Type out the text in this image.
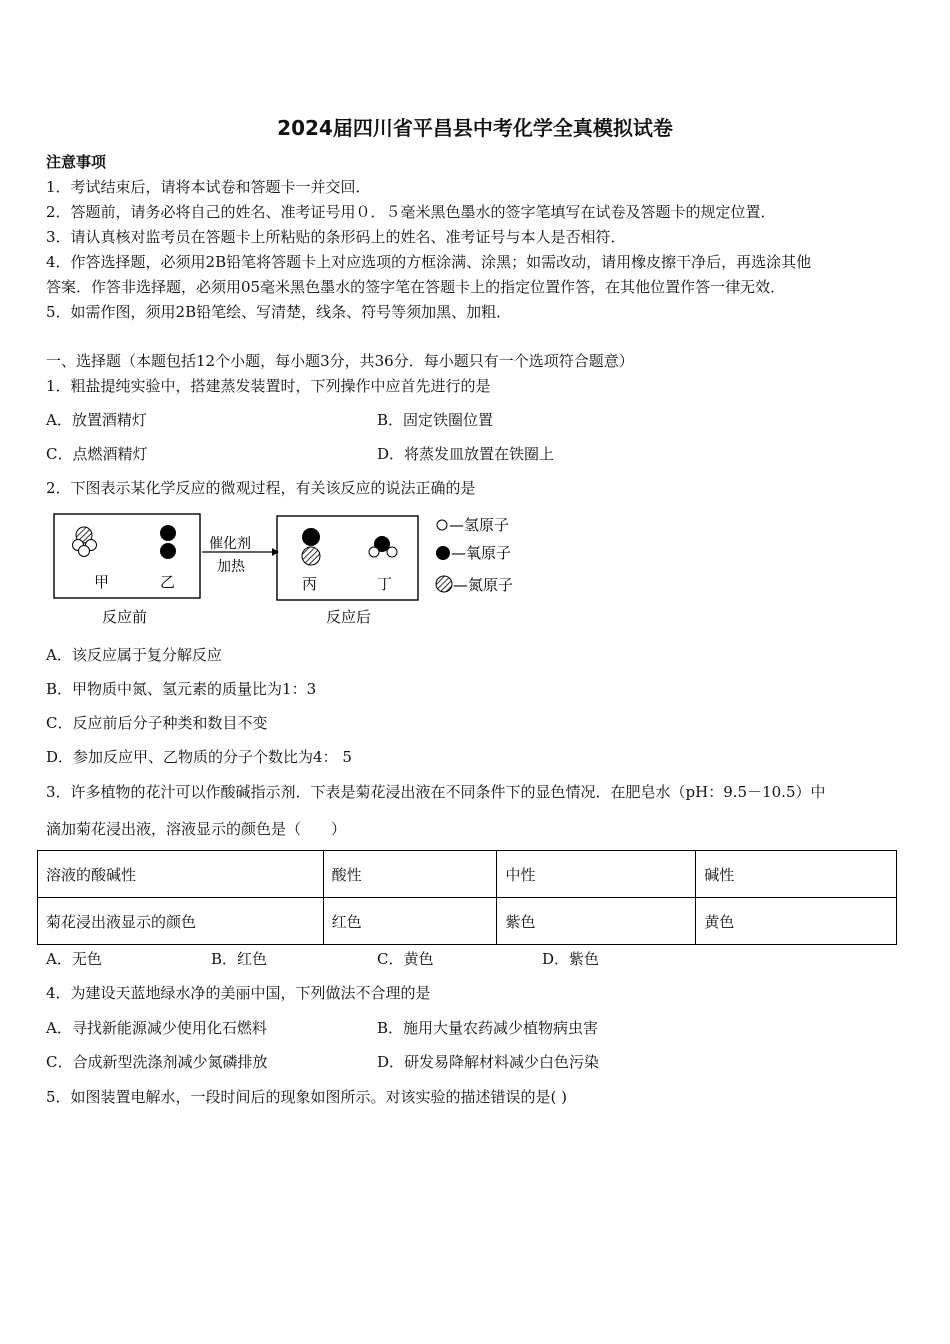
2024届四川省平昌县中考化学全真模拟试卷
注意事项
1．考试结束后，请将本试卷和答题卡一并交回．
2．答题前，请务必将自己的姓名、准考证号用０．５毫米黑色墨水的签字笔填写在试卷及答题卡的规定位置．
3．请认真核对监考员在答题卡上所粘贴的条形码上的姓名、准考证号与本人是否相符．
4．作答选择题，必须用2B铅笔将答题卡上对应选项的方框涂满、涂黑；如需改动，请用橡皮擦干净后，再选涂其他
答案．作答非选择题，必须用05毫米黑色墨水的签字笔在答题卡上的指定位置作答，在其他位置作答一律无效．
5．如需作图，须用2B铅笔绘、写清楚，线条、符号等须加黑、加粗．
一、选择题（本题包括12个小题，每小题3分，共36分．每小题只有一个选项符合题意）
1．粗盐提纯实验中，搭建蒸发装置时，下列操作中应首先进行的是
A．放置酒精灯	B．固定铁圈位置
C．点燃酒精灯	D．将蒸发皿放置在铁圈上
2．下图表示某化学反应的微观过程，有关该反应的说法正确的是
甲	乙
反应前
催化剂
加热
丙	丁
反应后
—氢原子
—氧原子
—氮原子
A．该反应属于复分解反应
B．甲物质中氮、氢元素的质量比为1：3
C．反应前后分子种类和数目不变
D．参加反应甲、乙物质的分子个数比为4： 5
3．许多植物的花汁可以作酸碱指示剂．下表是菊花浸出液在不同条件下的显色情况．在肥皂水（pH：9.5－10.5）中
滴加菊花浸出液，溶液显示的颜色是（　　）
溶液的酸碱性	酸性	中性	碱性
菊花浸出液显示的颜色	红色	紫色	黄色
A．无色	B．红色	C．黄色	D．紫色
4．为建设天蓝地绿水净的美丽中国，下列做法不合理的是
A．寻找新能源减少使用化石燃料	B．施用大量农药减少植物病虫害
C．合成新型洗涤剂减少氮磷排放	D．研发易降解材料减少白色污染
5．如图装置电解水，一段时间后的现象如图所示。对该实验的描述错误的是( )
